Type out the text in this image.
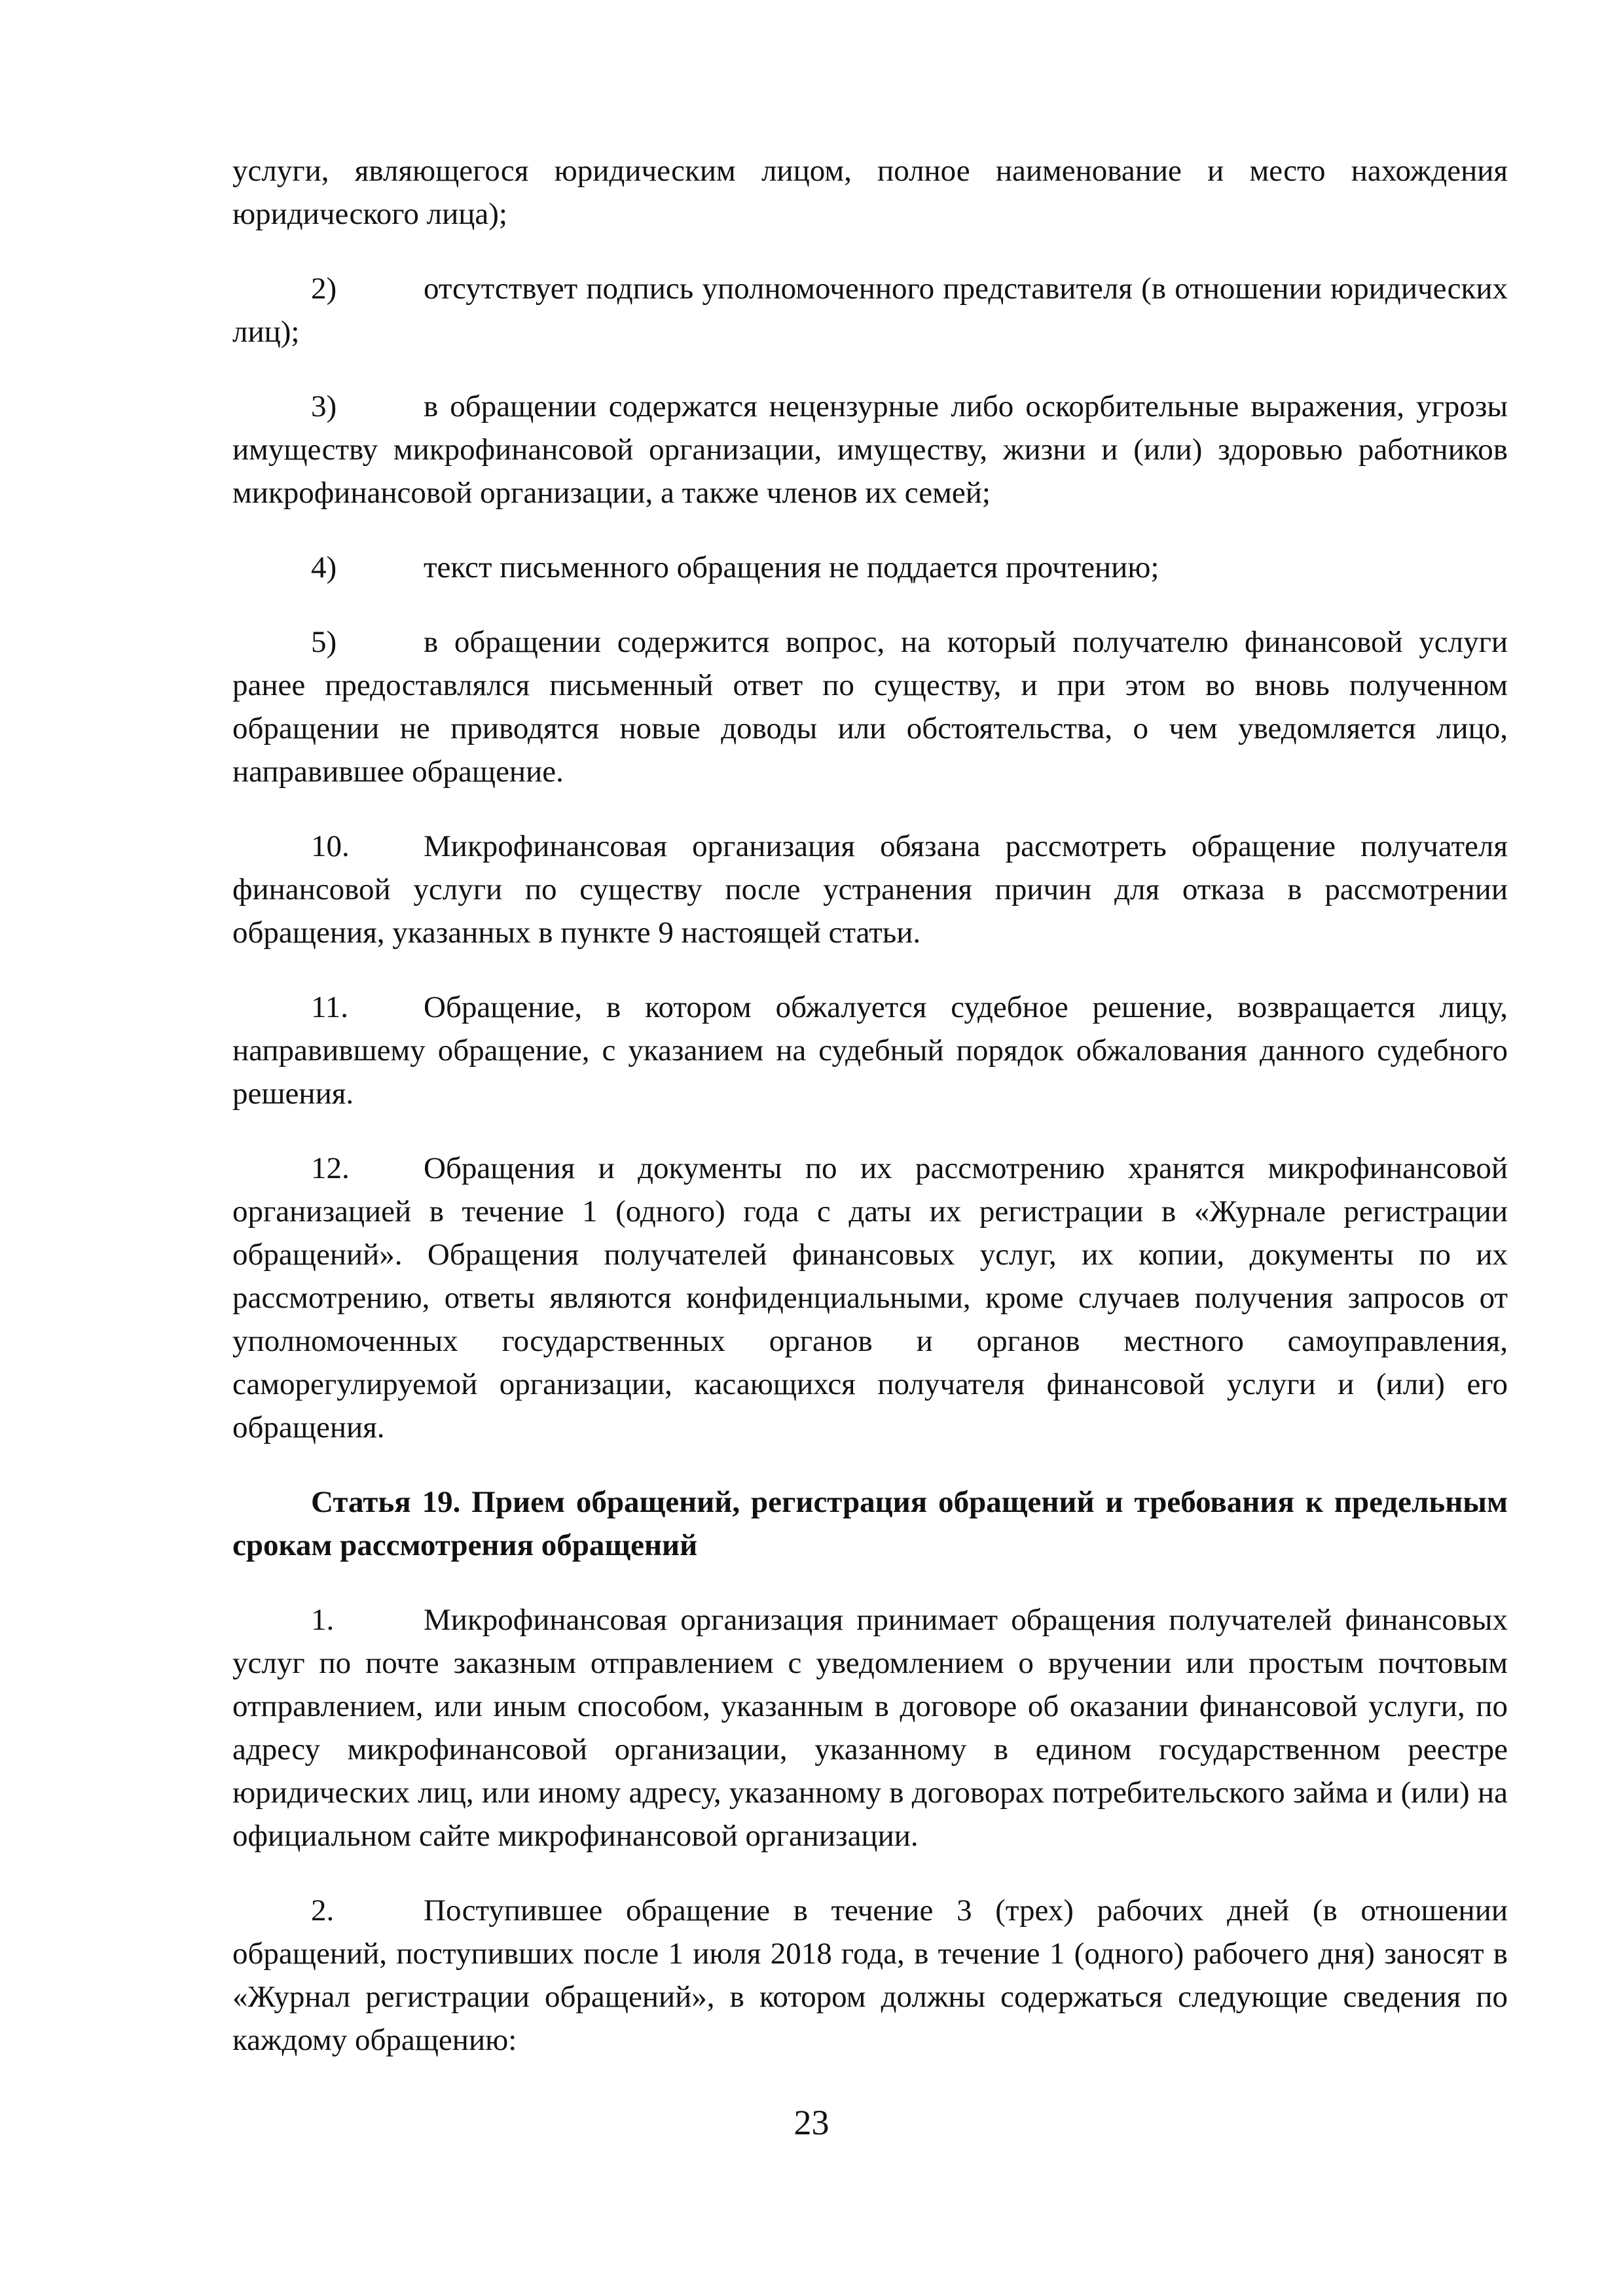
услуги, являющегося юридическим лицом, полное наименование и место нахождения юридического лица);

2)	отсутствует подпись уполномоченного представителя (в отношении юридических лиц);

3)	в обращении содержатся нецензурные либо оскорбительные выражения, угрозы имуществу микрофинансовой организации, имуществу, жизни и (или) здоровью работников микрофинансовой организации, а также членов их семей;

4)	текст письменного обращения не поддается прочтению;

5)	в обращении содержится вопрос, на который получателю финансовой услуги ранее предоставлялся письменный ответ по существу, и при этом во вновь полученном обращении не приводятся новые доводы или обстоятельства, о чем уведомляется лицо, направившее обращение.

10. Микрофинансовая организация обязана рассмотреть обращение получателя финансовой услуги по существу после устранения причин для отказа в рассмотрении обращения, указанных в пункте 9 настоящей статьи.

11. Обращение, в котором обжалуется судебное решение, возвращается лицу, направившему обращение, с указанием на судебный порядок обжалования данного судебного решения.

12. Обращения и документы по их рассмотрению хранятся микрофинансовой организацией в течение 1 (одного) года с даты их регистрации в «Журнале регистрации обращений». Обращения получателей финансовых услуг, их копии, документы по их рассмотрению, ответы являются конфиденциальными, кроме случаев получения запросов от уполномоченных государственных органов и органов местного самоуправления, саморегулируемой организации, касающихся получателя финансовой услуги и (или) его обращения.

Статья 19. Прием обращений, регистрация обращений и требования к предельным срокам рассмотрения обращений

1.	Микрофинансовая организация принимает обращения получателей финансовых услуг по почте заказным отправлением с уведомлением о вручении или простым почтовым отправлением, или иным способом, указанным в договоре об оказании финансовой услуги, по адресу микрофинансовой организации, указанному в едином государственном реестре юридических лиц, или иному адресу, указанному в договорах потребительского займа и (или) на официальном сайте микрофинансовой организации.

2.	Поступившее обращение в течение 3 (трех) рабочих дней (в отношении обращений, поступивших после 1 июля 2018 года, в течение 1 (одного) рабочего дня) заносят в «Журнал регистрации обращений», в котором должны содержаться следующие сведения по каждому обращению:

23
